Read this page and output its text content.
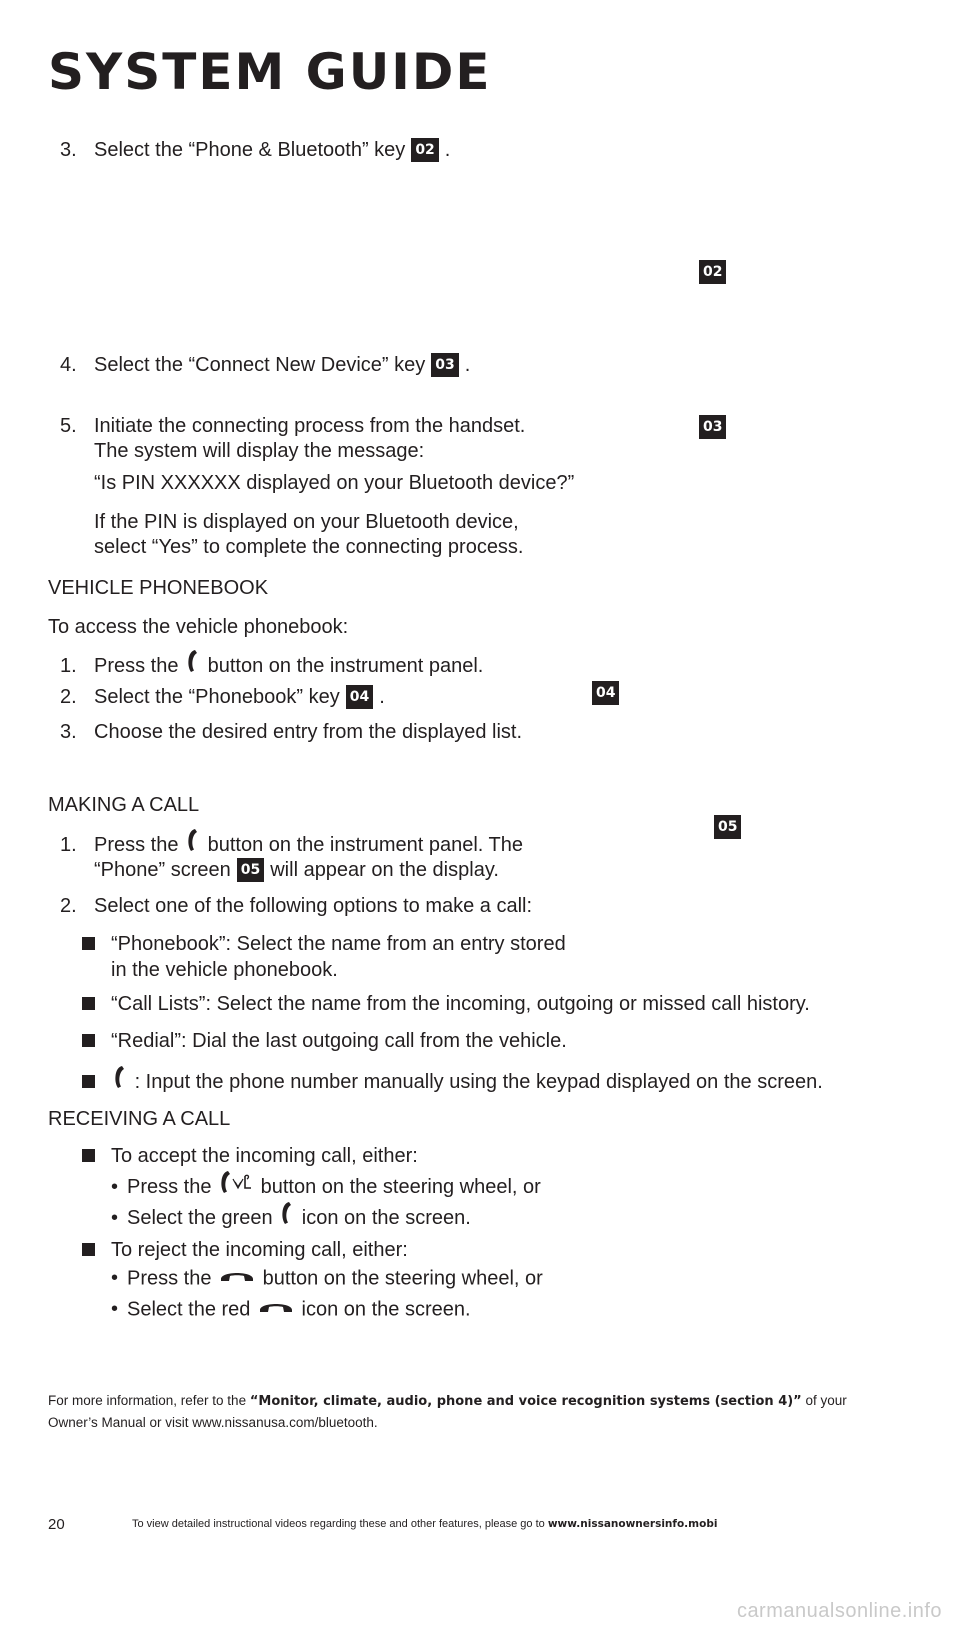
SYSTEM GUIDE
3. Select the “Phone & Bluetooth” key 02 .
02
4. Select the “Connect New Device” key 03 .
5. Initiate the connecting process from the handset.
The system will display the message:
“Is PIN XXXXXX displayed on your Bluetooth device?”
If the PIN is displayed on your Bluetooth device,
select “Yes” to complete the connecting process.
03
VEHICLE PHONEBOOK
To access the vehicle phonebook:
1. Press the button on the instrument panel.
2. Select the “Phonebook” key 04 .
3. Choose the desired entry from the displayed list.
04
MAKING A CALL
1. Press the button on the instrument panel. The
“Phone” screen 05 will appear on the display.
2. Select one of the following options to make a call:
05
“Phonebook”: Select the name from an entry stored
in the vehicle phonebook.
“Call Lists”: Select the name from the incoming, outgoing or missed call history.
“Redial”: Dial the last outgoing call from the vehicle.
: Input the phone number manually using the keypad displayed on the screen.
RECEIVING A CALL
To accept the incoming call, either:
• Press the button on the steering wheel, or
• Select the green icon on the screen.
To reject the incoming call, either:
• Press the	button on the steering wheel, or
• Select the red	icon on the screen.
For more information, refer to the “Monitor, climate, audio, phone and voice recognition systems (section 4)” of your
Owner’s Manual or visit www.nissanusa.com/bluetooth.
20	To view detailed instructional videos regarding these and other features, please go to www.nissanownersinfo.mobi
carmanualsonline.info
